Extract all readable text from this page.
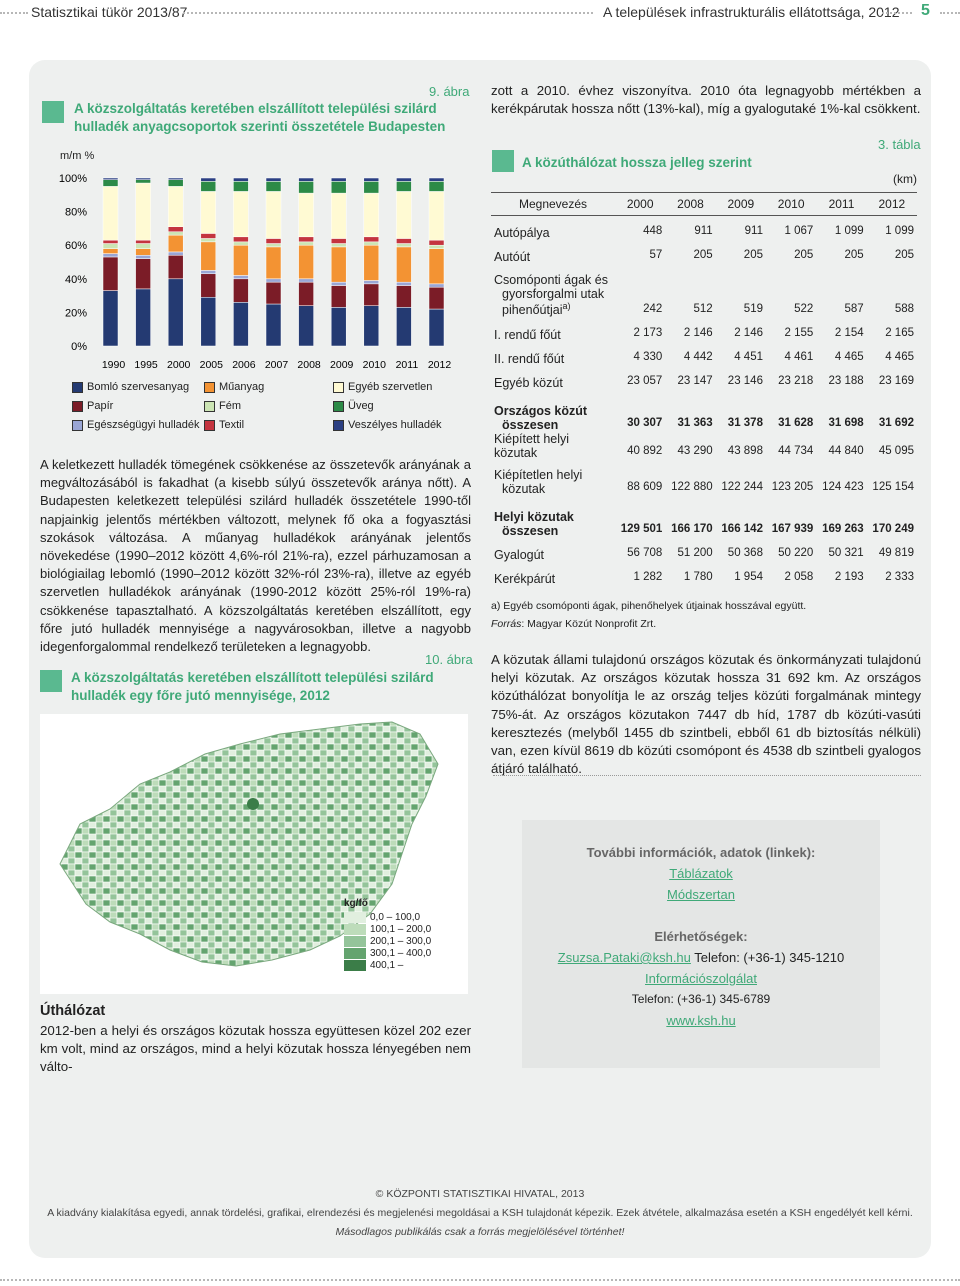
Statisztikai tükör 2013/87	A települések infrastrukturális ellátottsága, 2012 5
9. ábra
A közszolgáltatás keretében elszállított települési szilárd
hulladék anyagcsoportok szerinti összetétele Budapesten
m/m %
0%
20%
40%
60%
80%
100%
1990 1995 2000 2005 2006 2007 2008 2009 2010 2011 2012
Bomló szervesanyag	Műanyag	Egyéb szervetlen
Papír	Fém	Üveg
Egészségügyi hulladék	Textil	Veszélyes hulladék
A keletkezett hulladék tömegének csökkenése az összetevők arányának a megváltozásából is fakadhat (a kisebb súlyú összetevők aránya nőtt). A Budapesten keletkezett települési szilárd hulladék összetétele 1990-től napjainkig jelentős mértékben változott, melynek fő oka a fogyasztási szokások változása. A műanyag hulladékok arányának jelentős növekedése (1990–2012 között 4,6%-ról 21%-ra), ezzel párhuzamosan a biológiailag lebomló (1990–2012 között 32%-ról 23%-ra), illetve az egyéb szervetlen hulladékok arányának (1990-2012 között 25%-ról 19%-ra) csökkenése tapasztalható. A közszolgáltatás keretében elszállított, egy főre jutó hulladék mennyisége a nagyvárosokban, illetve a nagyobb idegenforgalommal rendelkező területeken a legnagyobb.
10. ábra
A közszolgáltatás keretében elszállított települési szilárd
hulladék egy főre jutó mennyisége, 2012
kg/fő
0,0 – 100,0
100,1 – 200,0
200,1 – 300,0
300,1 – 400,0
400,1 –
Úthálózat
2012-ben a helyi és országos közutak hossza együttesen közel 202 ezer km volt, mind az országos, mind a helyi közutak hossza lényegében nem válto-
zott a 2010. évhez viszonyítva. 2010 óta legnagyobb mértékben a kerékpárutak hossza nőtt (13%-kal), míg a gyalogutaké 1%-kal csökkent.
3. tábla
A közúthálózat hossza jelleg szerint
(km)
Megnevezés	2000	2008	2009	2010	2011	2012

Autópálya	448	911	911	1 067	1 099	1 099

Autóút	57	205	205	205	205	205

Csomóponti ágak és
gyorsforgalmi utak
pihenőútjai$^{a)}$	242	512	519	522	587	588

I. rendű főút	2 173	2 146	2 146	2 155	2 154	2 165

II. rendű főút	4 330	4 442	4 451	4 461	4 465	4 465

Egyéb közút	23 057	23 147	23 146	23 218	23 188	23 169

Országos közút
összesen	30 307	31 363	31 378	31 628	31 698	31 692

Kiépített helyi közutak	40 892	43 290	43 898	44 734	44 840	45 095

Kiépítetlen helyi
közutak	88 609	122 880	122 244	123 205	124 423	125 154

Helyi közutak
összesen	129 501	166 170	166 142	167 939	169 263	170 249

Gyalogút	56 708	51 200	50 368	50 220	50 321	49 819

Kerékpárút	1 282	1 780	1 954	2 058	2 193	2 333
a) Egyéb csomóponti ágak, pihenőhelyek útjainak hosszával együtt.
Forrás: Magyar Közút Nonprofit Zrt.
A közutak állami tulajdonú országos közutak és önkormányzati tulajdonú helyi közutak. Az országos közutak hossza 31 692 km. Az országos közúthálózat bonyolítja le az ország teljes közúti forgalmának mintegy 75%-át. Az országos közutakon 7447 db híd, 1787 db közúti-vasúti keresztezés (melyből 1455 db szintbeli, ebből 61 db biztosítás nélküli) van, ezen kívül 8619 db közúti csomópont és 4538 db szintbeli gyalogos átjáró található.
További információk, adatok (linkek):
Táblázatok
Módszertan
Elérhetőségek:
Zsuzsa.Pataki@ksh.hu Telefon: (+36-1) 345-1210
Információszolgálat
Telefon: (+36-1) 345-6789
www.ksh.hu
© KÖZPONTI STATISZTIKAI HIVATAL, 2013
A kiadvány kialakítása egyedi, annak tördelési, grafikai, elrendezési és megjelenési megoldásai a KSH tulajdonát képezik. Ezek átvétele, alkalmazása esetén a KSH engedélyét kell kérni.
Másodlagos publikálás csak a forrás megjelölésével történhet!
